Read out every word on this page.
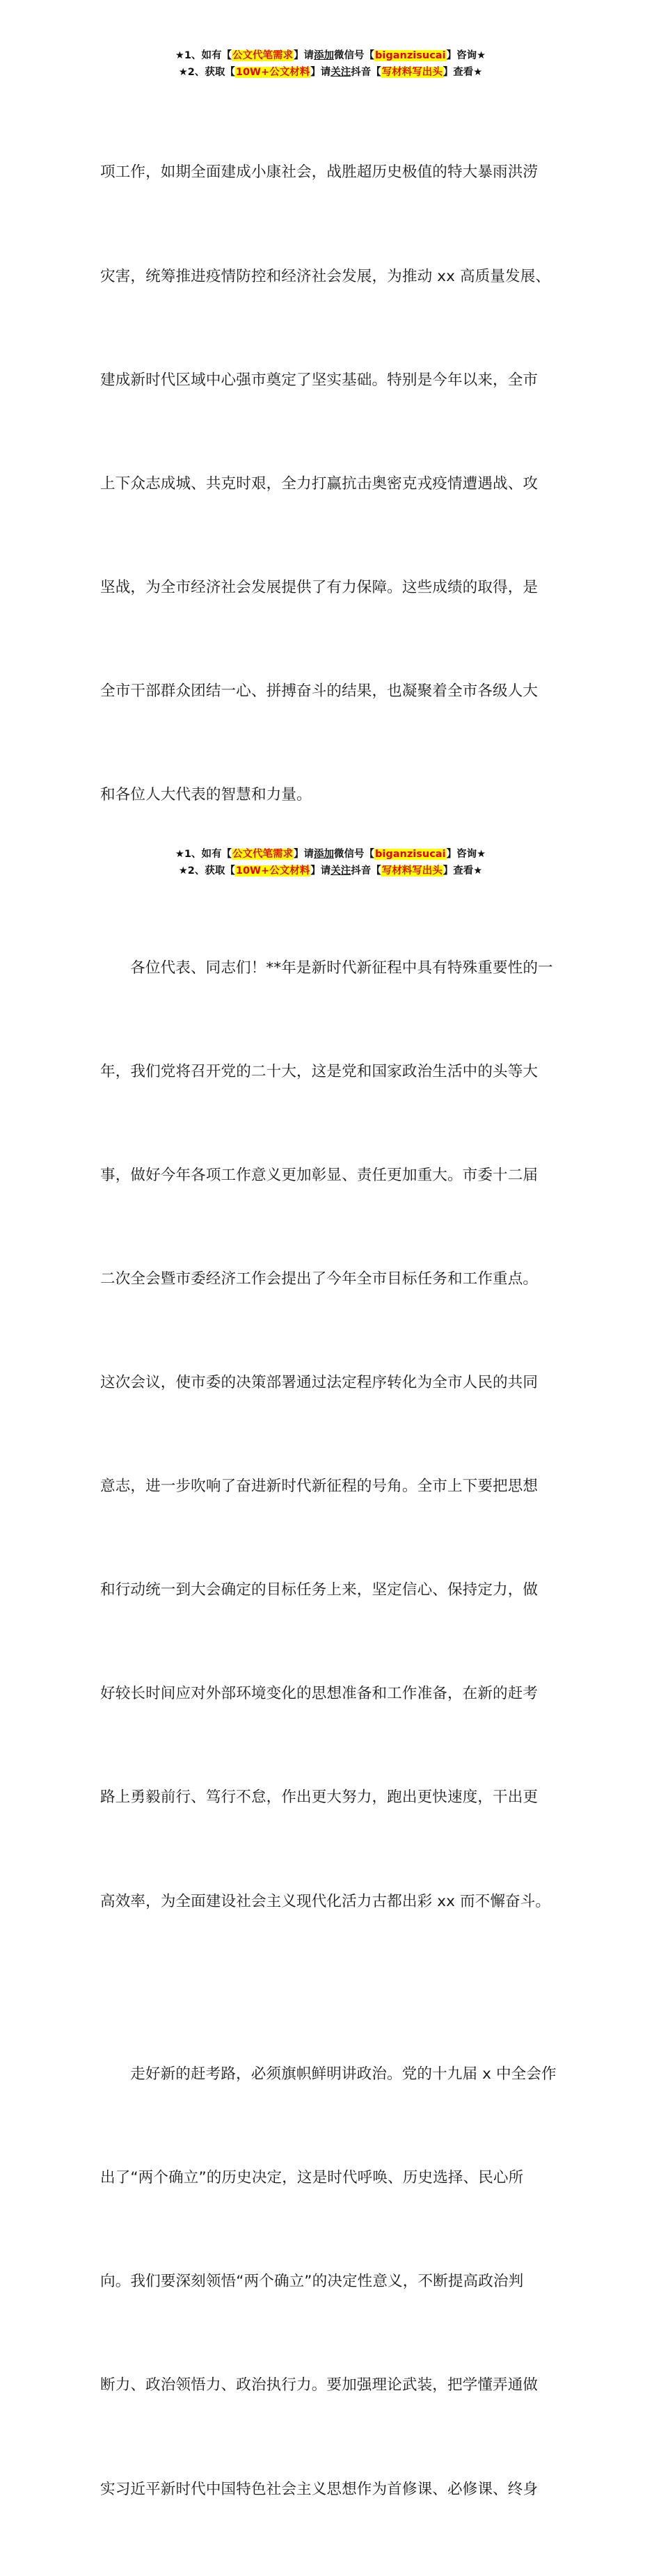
★1、如有【公文代笔需求】请添加微信号【biganzisucai】咨询★
★2、获取【10W+公文材料】请关注抖音【写材料写出头】查看★

项工作，如期全面建成小康社会，战胜超历史极值的特大暴雨洪涝

灾害，统筹推进疫情防控和经济社会发展，为推动 xx 高质量发展、

建成新时代区域中心强市奠定了坚实基础。特别是今年以来，全市

上下众志成城、共克时艰，全力打赢抗击奥密克戎疫情遭遇战、攻

坚战，为全市经济社会发展提供了有力保障。这些成绩的取得，是

全市干部群众团结一心、拼搏奋斗的结果，也凝聚着全市各级人大

和各位人大代表的智慧和力量。

各位代表、同志们！**年是新时代新征程中具有特殊重要性的一

年，我们党将召开党的二十大，这是党和国家政治生活中的头等大

事，做好今年各项工作意义更加彰显、责任更加重大。市委十二届

二次全会暨市委经济工作会提出了今年全市目标任务和工作重点。

这次会议，使市委的决策部署通过法定程序转化为全市人民的共同

意志，进一步吹响了奋进新时代新征程的号角。全市上下要把思想

和行动统一到大会确定的目标任务上来，坚定信心、保持定力，做

好较长时间应对外部环境变化的思想准备和工作准备，在新的赶考

路上勇毅前行、笃行不怠，作出更大努力，跑出更快速度，干出更

高效率，为全面建设社会主义现代化活力古都出彩 xx 而不懈奋斗。

走好新的赶考路，必须旗帜鲜明讲政治。党的十九届 x 中全会作

出了“两个确立”的历史决定，这是时代呼唤、历史选择、民心所

向。我们要深刻领悟“两个确立”的决定性意义，不断提高政治判

断力、政治领悟力、政治执行力。要加强理论武装，把学懂弄通做

实习近平新时代中国特色社会主义思想作为首修课、必修课、终身

★1、如有【公文代笔需求】请添加微信号【biganzisucai】咨询★
★2、获取【10W+公文材料】请关注抖音【写材料写出头】查看★
